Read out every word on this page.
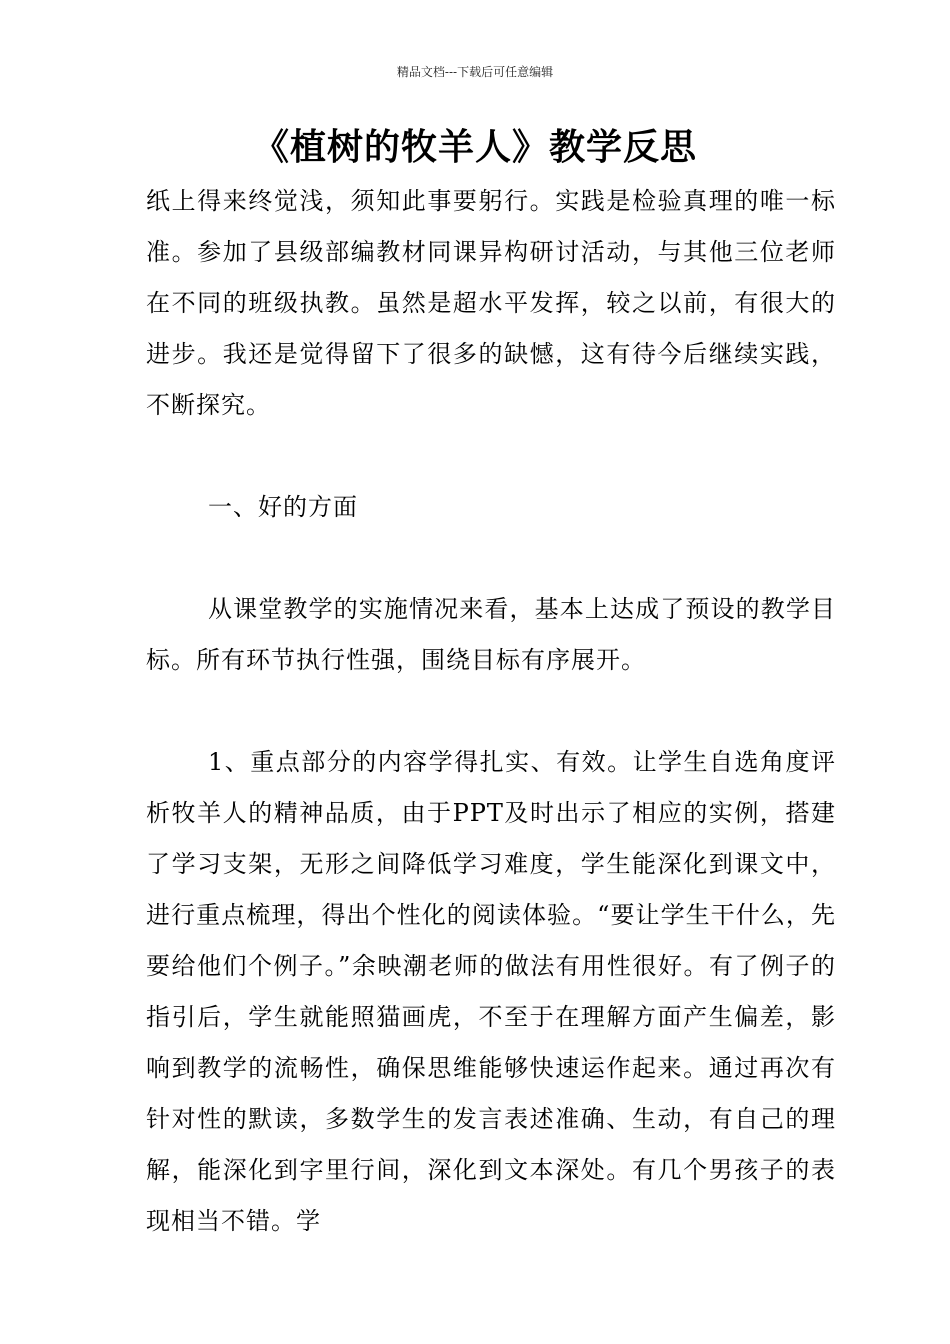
精品文档---下载后可任意编辑
《植树的牧羊人》教学反思

纸上得来终觉浅，须知此事要躬行。实践是检验真理的唯一标准。参加了县级部编教材同课异构研讨活动，与其他三位老师在不同的班级执教。虽然是超水平发挥，较之以前，有很大的进步。我还是觉得留下了很多的缺憾，这有待今后继续实践，不断探究。

一、好的方面

从课堂教学的实施情况来看，基本上达成了预设的教学目标。所有环节执行性强，围绕目标有序展开。

1、重点部分的内容学得扎实、有效。让学生自选角度评析牧羊人的精神品质，由于PPT及时出示了相应的实例，搭建了学习支架，无形之间降低学习难度，学生能深化到课文中，进行重点梳理，得出个性化的阅读体验。“要让学生干什么，先要给他们个例子。”余映潮老师的做法有用性很好。有了例子的指引后，学生就能照猫画虎，不至于在理解方面产生偏差，影响到教学的流畅性，确保思维能够快速运作起来。通过再次有针对性的默读，多数学生的发言表述准确、生动，有自己的理解，能深化到字里行间，深化到文本深处。有几个男孩子的表现相当不错。学
